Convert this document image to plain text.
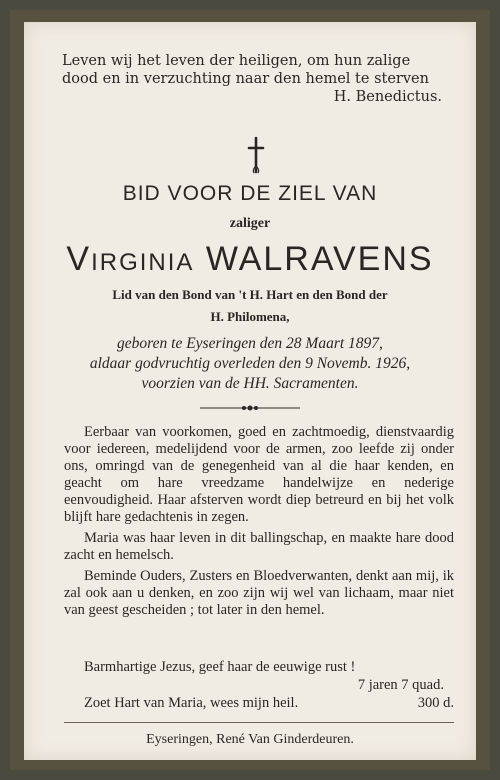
Leven wij het leven der heiligen, om hun zalige
dood en in verzuchting naar den hemel te sterven
H. Benedictus.
BID VOOR DE ZIEL VAN
zaliger
Virginia WALRAVENS
Lid van den Bond van 't H. Hart en den Bond der
H. Philomena,
geboren te Eyseringen den 28 Maart 1897,
aldaar godvruchtig overleden den 9 Novemb. 1926,
voorzien van de HH. Sacramenten.

Eerbaar van voorkomen, goed en zachtmoedig, dienstvaardig voor iedereen, medelijdend voor de armen, zoo leefde zij onder ons, omringd van de genegenheid van al die haar kenden, en geacht om hare vreedzame handelwijze en nederige eenvoudigheid. Haar afsterven wordt diep betreurd en bij het volk blijft hare gedachtenis in zegen.

Maria was haar leven in dit ballingschap, en maakte hare dood zacht en hemelsch.

Beminde Ouders, Zusters en Bloedverwanten, denkt aan mij, ik zal ook aan u denken, en zoo zijn wij wel van lichaam, maar niet van geest gescheiden ; tot later in den hemel.

Barmhartige Jezus, geef haar de eeuwige rust !
7 jaren 7 quad.
Zoet Hart van Maria, wees mijn heil.	300 d.
Eyseringen, René Van Ginderdeuren.
